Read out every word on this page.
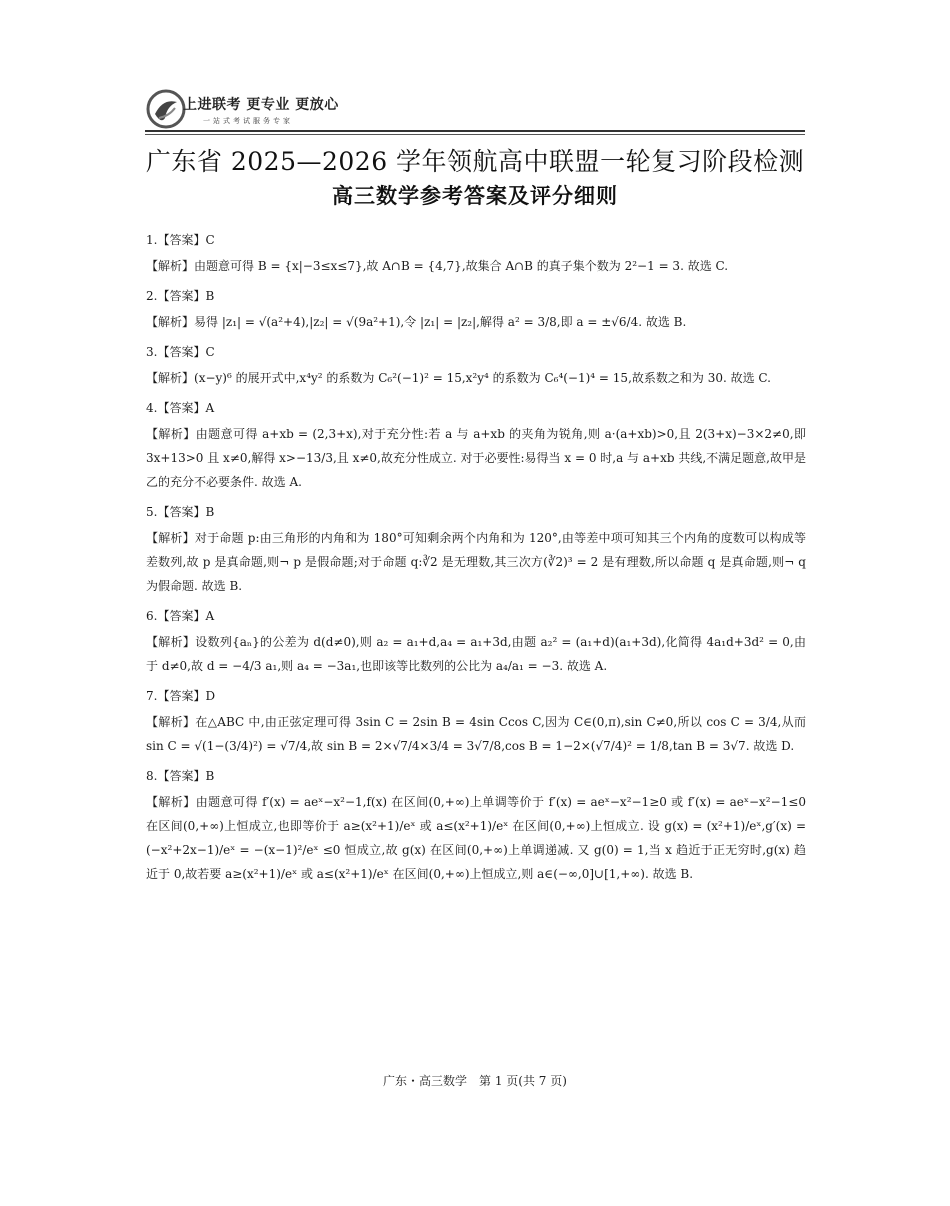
上进联考 更专业 更放心
一站式考试服务专家
广东省 2025—2026 学年领航高中联盟一轮复习阶段检测
高三数学参考答案及评分细则
1.【答案】C
【解析】由题意可得 B = {x|−3≤x≤7},故 A∩B = {4,7},故集合 A∩B 的真子集个数为 2²−1 = 3. 故选 C.
2.【答案】B
【解析】易得 |z₁| = √(a²+4),|z₂| = √(9a²+1),令 |z₁| = |z₂|,解得 a² = 3/8,即 a = ±√6/4. 故选 B.
3.【答案】C
【解析】(x−y)⁶ 的展开式中,x⁴y² 的系数为 C₆²(−1)² = 15,x²y⁴ 的系数为 C₆⁴(−1)⁴ = 15,故系数之和为 30. 故选 C.
4.【答案】A
【解析】由题意可得 a+xb = (2,3+x),对于充分性:若 a 与 a+xb 的夹角为锐角,则 a·(a+xb)>0,且 2(3+x)−3×2≠0,即 3x+13>0 且 x≠0,解得 x>−13/3,且 x≠0,故充分性成立. 对于必要性:易得当 x = 0 时,a 与 a+xb 共线,不满足题意,故甲是乙的充分不必要条件. 故选 A.
5.【答案】B
【解析】对于命题 p:由三角形的内角和为 180°可知剩余两个内角和为 120°,由等差中项可知其三个内角的度数可以构成等差数列,故 p 是真命题,则¬ p 是假命题;对于命题 q:∛2 是无理数,其三次方(∛2)³ = 2 是有理数,所以命题 q 是真命题,则¬ q 为假命题. 故选 B.
6.【答案】A
【解析】设数列{aₙ}的公差为 d(d≠0),则 a₂ = a₁+d,a₄ = a₁+3d,由题 a₂² = (a₁+d)(a₁+3d),化简得 4a₁d+3d² = 0,由于 d≠0,故 d = −4/3 a₁,则 a₄ = −3a₁,也即该等比数列的公比为 a₄/a₁ = −3. 故选 A.
7.【答案】D
【解析】在△ABC 中,由正弦定理可得 3sin C = 2sin B = 4sin Ccos C,因为 C∈(0,π),sin C≠0,所以 cos C = 3/4,从而 sin C = √(1−(3/4)²) = √7/4,故 sin B = 2×√7/4×3/4 = 3√7/8,cos B = 1−2×(√7/4)² = 1/8,tan B = 3√7. 故选 D.
8.【答案】B
【解析】由题意可得 f′(x) = aeˣ−x²−1,f(x) 在区间(0,+∞)上单调等价于 f′(x) = aeˣ−x²−1≥0 或 f′(x) = aeˣ−x²−1≤0 在区间(0,+∞)上恒成立,也即等价于 a≥(x²+1)/eˣ 或 a≤(x²+1)/eˣ 在区间(0,+∞)上恒成立. 设 g(x) = (x²+1)/eˣ,g′(x) = (−x²+2x−1)/eˣ = −(x−1)²/eˣ ≤0 恒成立,故 g(x) 在区间(0,+∞)上单调递减. 又 g(0) = 1,当 x 趋近于正无穷时,g(x) 趋近于 0,故若要 a≥(x²+1)/eˣ 或 a≤(x²+1)/eˣ 在区间(0,+∞)上恒成立,则 a∈(−∞,0]∪[1,+∞). 故选 B.
广东・高三数学　第 1 页(共 7 页)
